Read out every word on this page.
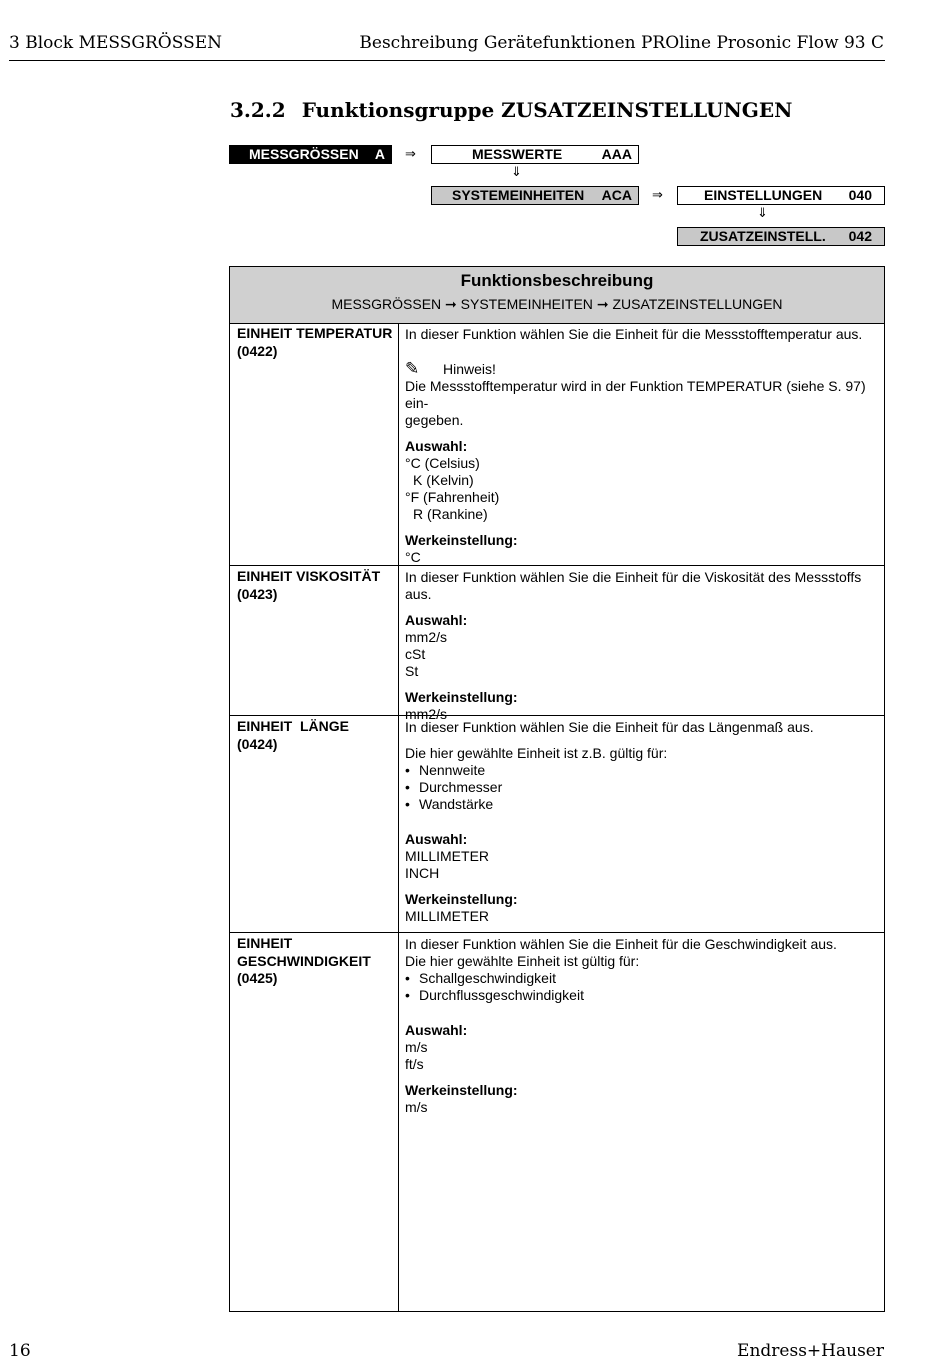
3 Block MESSGRÖSSEN	Beschreibung Gerätefunktionen PROline Prosonic Flow 93 C
3.2.2 Funktionsgruppe ZUSATZEINSTELLUNGEN
MESSGRÖSSEN A ⇒	MESSWERTE	AAA
⇓
SYSTEMEINHEITEN ACA ⇒	EINSTELLUNGEN 040
⇓
ZUSATZEINSTELL. 042
Funktionsbeschreibung
MESSGRÖSSEN ➞ SYSTEMEINHEITEN ➞ ZUSATZEINSTELLUNGEN
EINHEIT TEMPERATUR
(0422)

In dieser Funktion wählen Sie die Einheit für die Messstofftemperatur aus.

✎ Hinweis!

Die Messstofftemperatur wird in der Funktion TEMPERATUR (siehe S. 97) ein-

gegeben.

Auswahl:

°C (Celsius)

K (Kelvin)

°F (Fahrenheit)

R (Rankine)

Werkeinstellung:

°C

EINHEIT VISKOSITÄT
(0423)

In dieser Funktion wählen Sie die Einheit für die Viskosität des Messstoffs aus.

Auswahl:

mm2/s

cSt

St

Werkeinstellung:

mm2/s

EINHEIT  LÄNGE
(0424)

In dieser Funktion wählen Sie die Einheit für das Längenmaß aus.

Die hier gewählte Einheit ist z.B. gültig für:

• Nennweite

• Durchmesser

• Wandstärke

Auswahl:

MILLIMETER

INCH

Werkeinstellung:

MILLIMETER

EINHEIT
GESCHWINDIGKEIT
(0425)

In dieser Funktion wählen Sie die Einheit für die Geschwindigkeit aus.

Die hier gewählte Einheit ist gültig für:

• Schallgeschwindigkeit

• Durchflussgeschwindigkeit

Auswahl:

m/s

ft/s

Werkeinstellung:

m/s

16	Endress+Hauser
